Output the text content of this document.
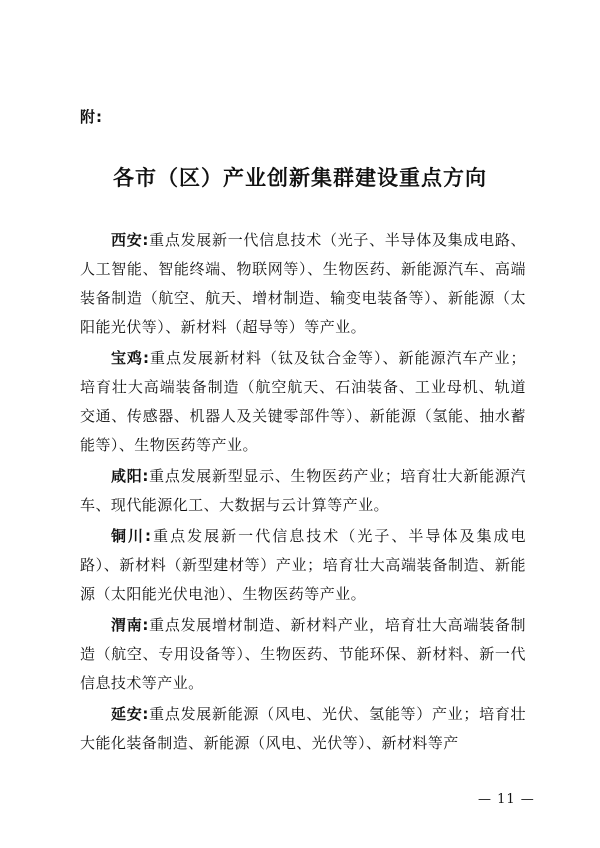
附:
各市（区）产业创新集群建设重点方向

西安:重点发展新一代信息技术（光子、半导体及集成电路、人工智能、智能终端、物联网等）、生物医药、新能源汽车、高端装备制造（航空、航天、增材制造、输变电装备等）、新能源（太阳能光伏等）、新材料（超导等）等产业。

宝鸡:重点发展新材料（钛及钛合金等）、新能源汽车产业；培育壮大高端装备制造（航空航天、石油装备、工业母机、轨道交通、传感器、机器人及关键零部件等）、新能源（氢能、抽水蓄能等）、生物医药等产业。

咸阳:重点发展新型显示、生物医药产业；培育壮大新能源汽车、现代能源化工、大数据与云计算等产业。

铜川:重点发展新一代信息技术（光子、半导体及集成电路）、新材料（新型建材等）产业；培育壮大高端装备制造、新能源（太阳能光伏电池）、生物医药等产业。

渭南:重点发展增材制造、新材料产业，培育壮大高端装备制造（航空、专用设备等）、生物医药、节能环保、新材料、新一代信息技术等产业。

延安:重点发展新能源（风电、光伏、氢能等）产业；培育壮大能化装备制造、新能源（风电、光伏等）、新材料等产

— 11 —
